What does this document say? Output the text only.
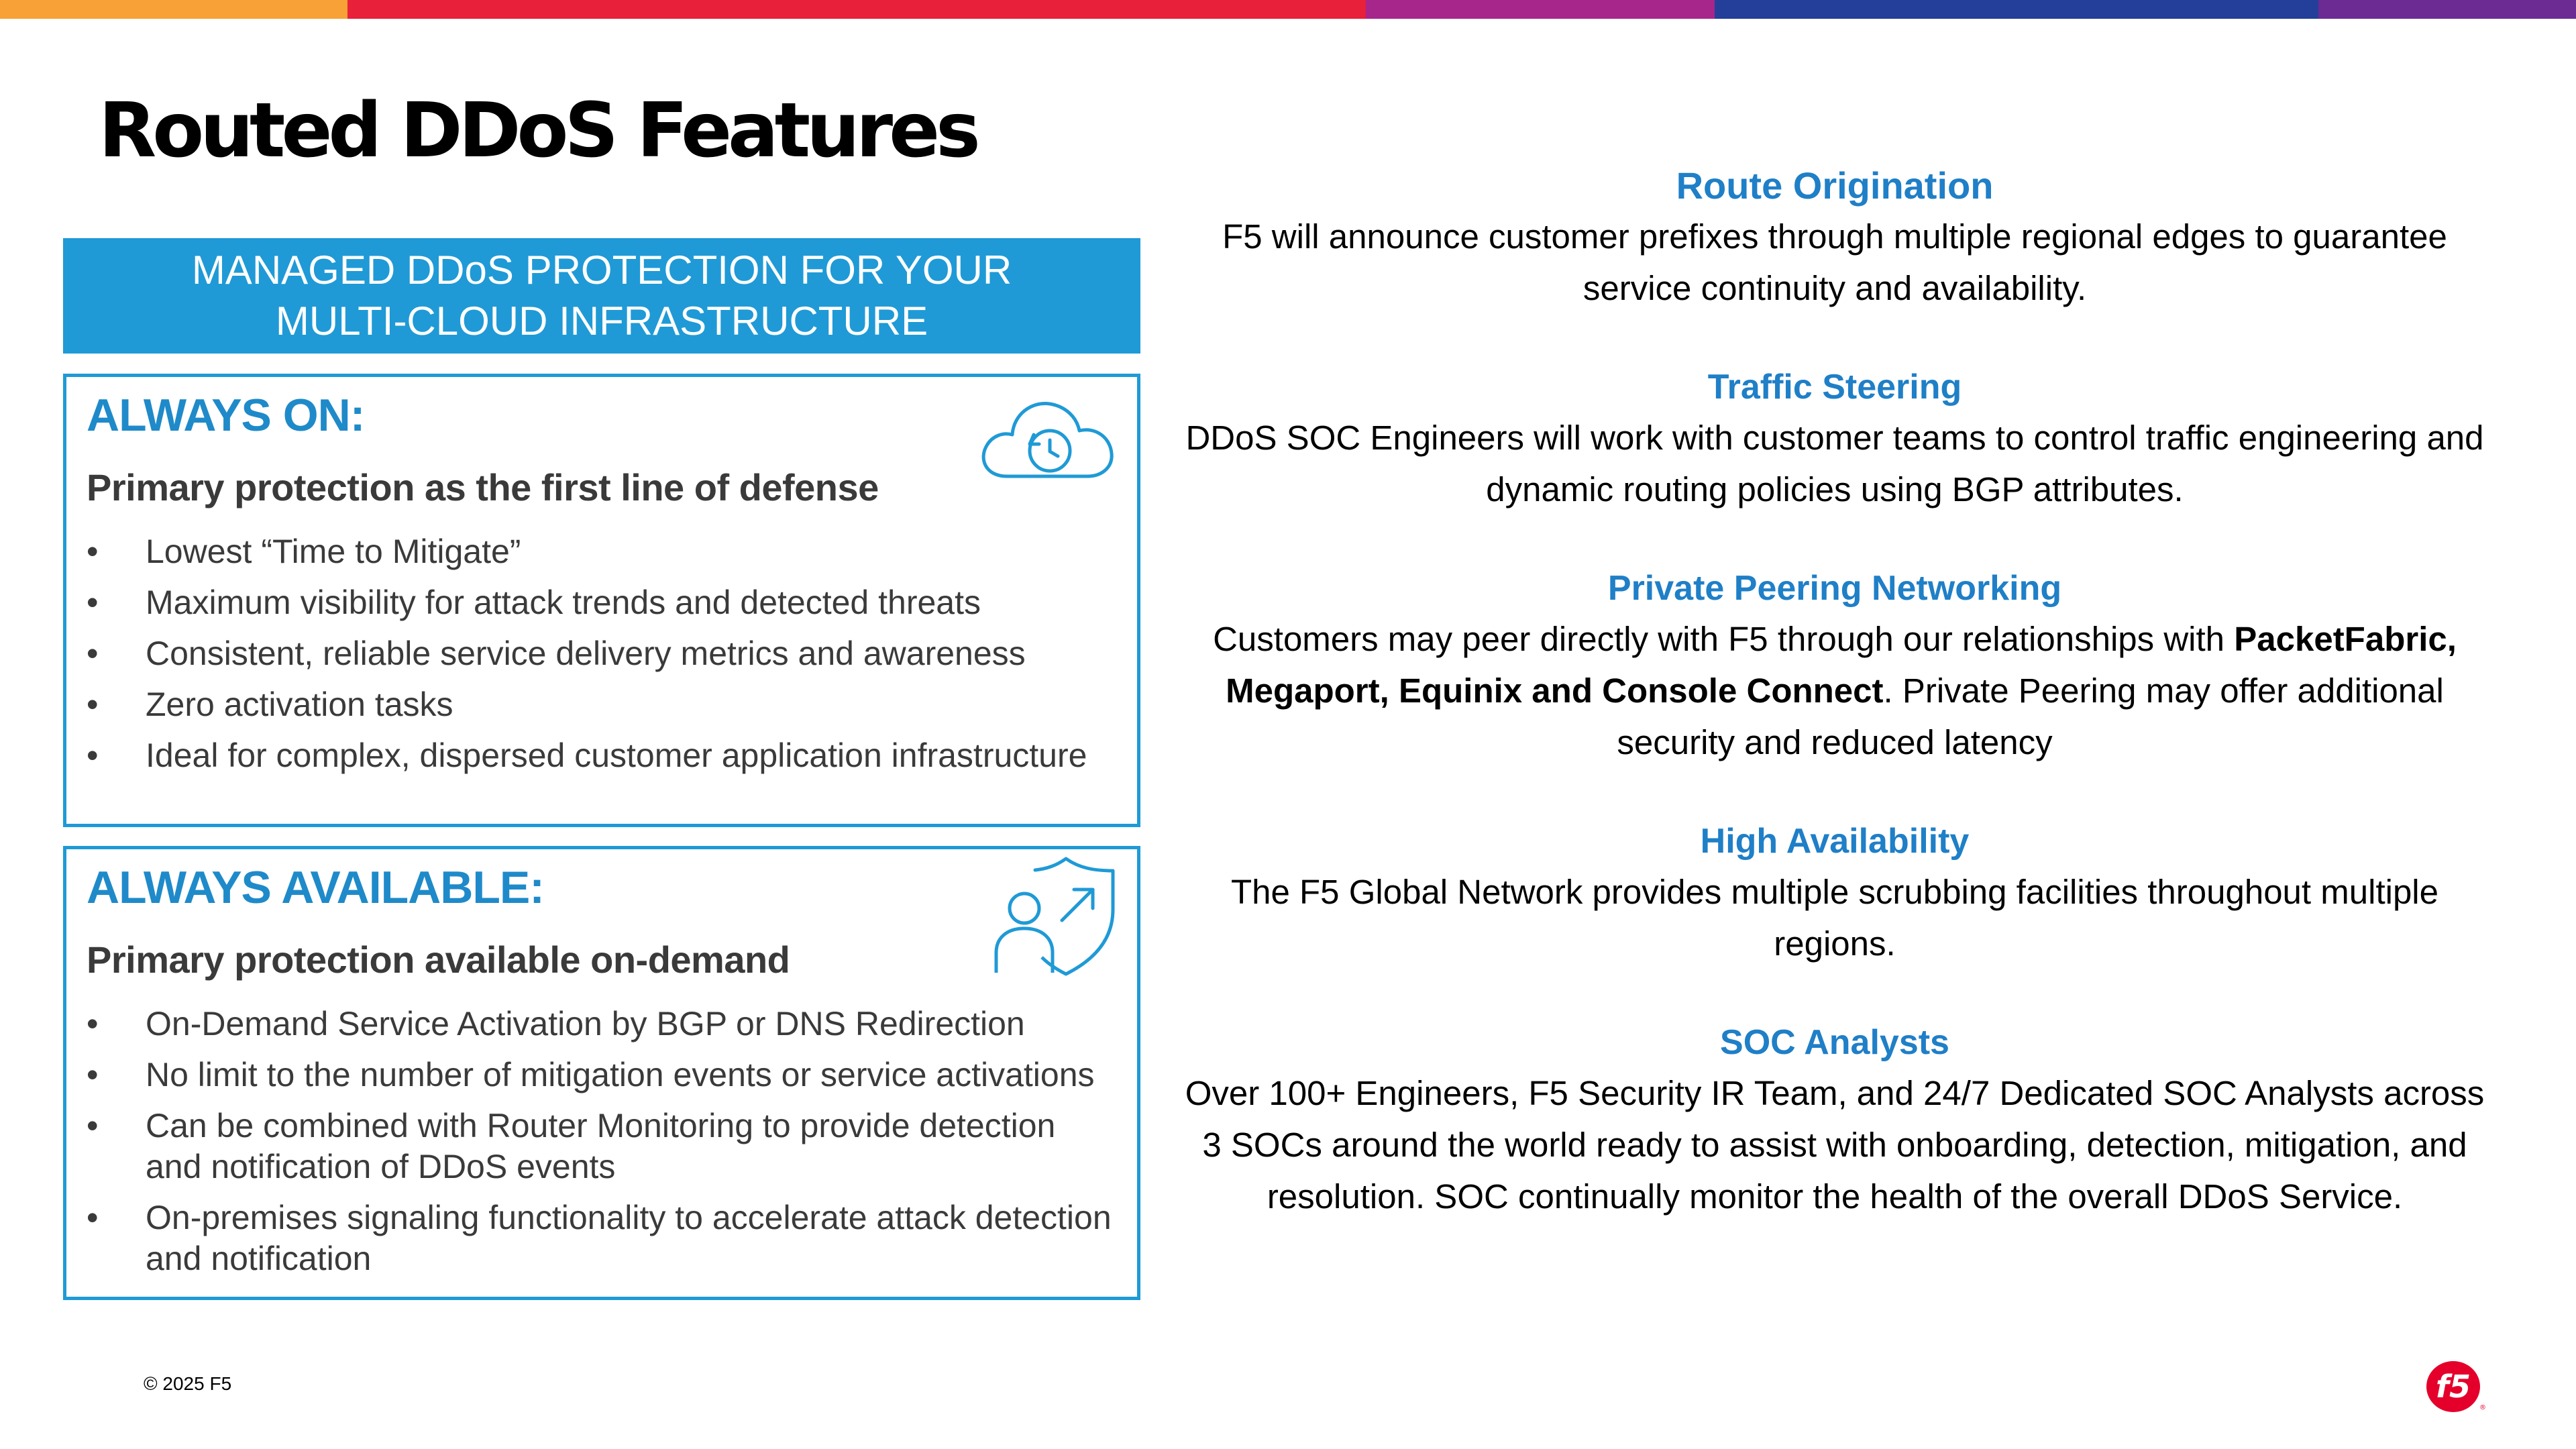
Routed DDoS Features
MANAGED DDoS PROTECTION FOR YOUR
MULTI-CLOUD INFRASTRUCTURE
ALWAYS ON:
Primary protection as the first line of defense
• Lowest “Time to Mitigate”
• Maximum visibility for attack trends and detected threats
• Consistent, reliable service delivery metrics and awareness
• Zero activation tasks
• Ideal for complex, dispersed customer application infrastructure
ALWAYS AVAILABLE:
Primary protection available on-demand
• On-Demand Service Activation by BGP or DNS Redirection
• No limit to the number of mitigation events or service activations
• Can be combined with Router Monitoring to provide detection and notification of DDoS events
• On-premises signaling functionality to accelerate attack detection and notification
Route Origination
F5 will announce customer prefixes through multiple regional edges to guarantee service continuity and availability.
Traffic Steering
DDoS SOC Engineers will work with customer teams to control traffic engineering and dynamic routing policies using BGP attributes.
Private Peering Networking
Customers may peer directly with F5 through our relationships with PacketFabric, Megaport, Equinix and Console Connect. Private Peering may offer additional security and reduced latency
High Availability
The F5 Global Network provides multiple scrubbing facilities throughout multiple regions.
SOC Analysts
Over 100+ Engineers, F5 Security IR Team, and 24/7 Dedicated SOC Analysts across 3 SOCs around the world ready to assist with onboarding, detection, mitigation, and resolution. SOC continually monitor the health of the overall DDoS Service.
© 2025 F5	f5
®
